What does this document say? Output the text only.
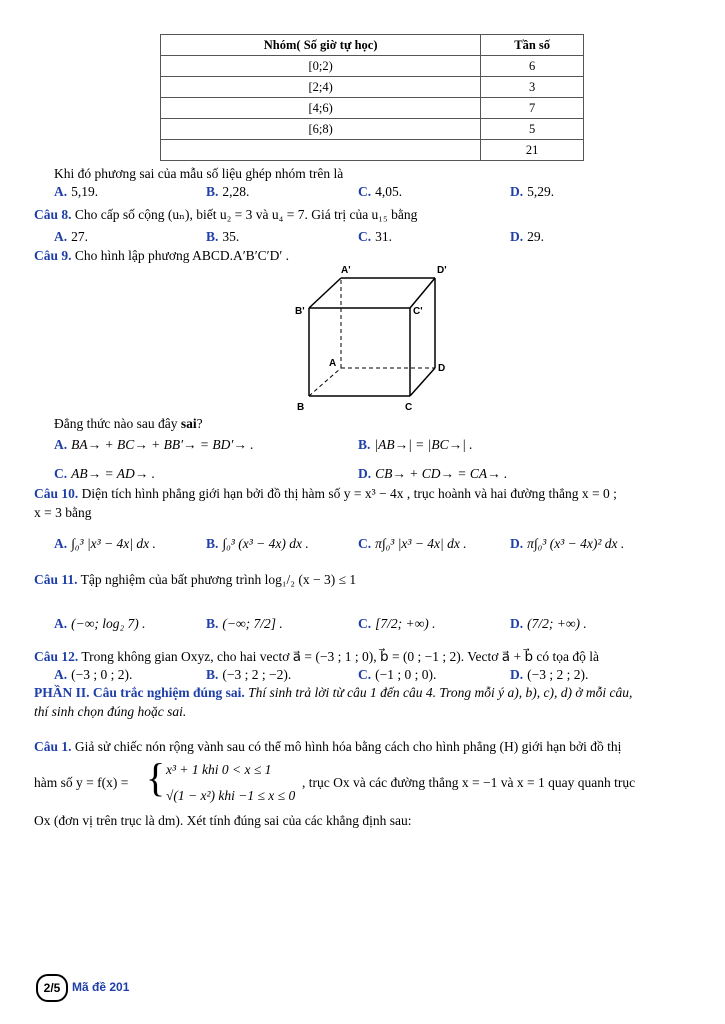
Nhóm( Số giờ tự học)	Tần số
[0;2)	6
[2;4)	3
[4;6)	7
[6;8)	5
	21
Khi đó phương sai của mẫu số liệu ghép nhóm trên là
A. 5,19.	B. 2,28.	C. 4,05.	D. 5,29.
Câu 8. Cho cấp số cộng (uₙ), biết u₂ = 3 và u₄ = 7. Giá trị của u₁₅ bằng
A. 27.	B. 35.	C. 31.	D. 29.
Câu 9. Cho hình lập phương ABCD.A′B′C′D′ .
A'	D'
B'	C'
A	D
B	C
Đẳng thức nào sau đây sai?
A. BA→ + BC→ + BB′→ = BD′→ .	B. |AB→| = |BC→| .
C. AB→ = AD→ .	D. CB→ + CD→ = CA→ .
Câu 10. Diện tích hình phẳng giới hạn bởi đồ thị hàm số y = x³ − 4x , trục hoành và hai đường thẳng x = 0 ;
x = 3 bằng
A. ∫₀³ |x³ − 4x| dx .	B. ∫₀³ (x³ − 4x) dx .	C. π∫₀³ |x³ − 4x| dx .	D. π∫₀³ (x³ − 4x)² dx .
Câu 11. Tập nghiệm của bất phương trình log₁/₂ (x − 3) ≤ 1
A. (−∞; log₂ 7) .	B. (−∞; 7/2] .	C. [7/2; +∞) .	D. (7/2; +∞) .
Câu 12. Trong không gian Oxyz, cho hai vectơ a⃗ = (−3 ; 1 ; 0), b⃗ = (0 ; −1 ; 2). Vectơ a⃗ + b⃗ có tọa độ là
A. (−3 ; 0 ; 2).	B. (−3 ; 2 ; −2).	C. (−1 ; 0 ; 0).	D. (−3 ; 2 ; 2).
PHẦN II. Câu trắc nghiệm đúng sai. Thí sinh trả lời từ câu 1 đến câu 4. Trong mỗi ý a), b), c), d) ở mỗi câu,
thí sinh chọn đúng hoặc sai.
Câu 1. Giả sử chiếc nón rộng vành sau có thể mô hình hóa bằng cách cho hình phẳng (H) giới hạn bởi đồ thị
hàm số y = f(x) = { x³ + 1 khi 0 < x ≤ 1
√(1 − x²) khi −1 ≤ x ≤ 0
, trục Ox và các đường thẳng x = −1 và x = 1 quay quanh trục
Ox (đơn vị trên trục là dm). Xét tính đúng sai của các khẳng định sau:
2/5 Mã đề 201
